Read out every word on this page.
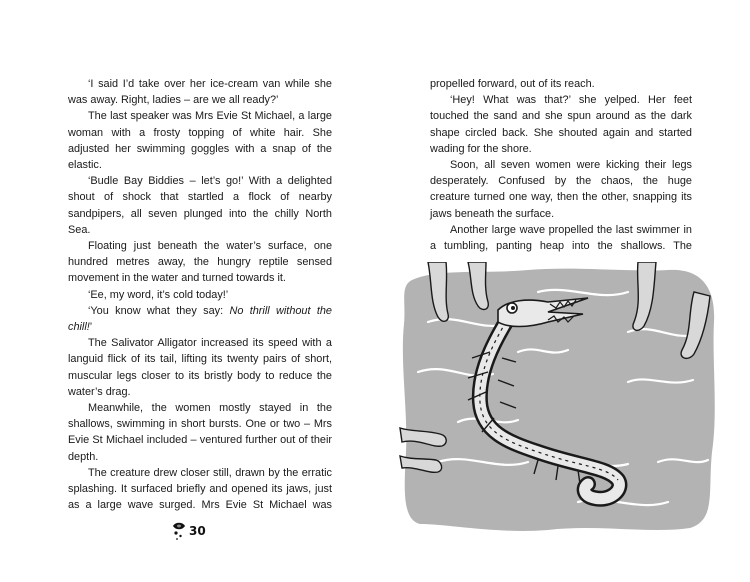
‘I said I’d take over her ice-cream van while she was away. Right, ladies – are we all ready?’

The last speaker was Mrs Evie St Michael, a large woman with a frosty topping of white hair. She adjusted her swimming goggles with a snap of the elastic.

‘Budle Bay Biddies – let’s go!’ With a delighted shout of shock that startled a flock of nearby sandpipers, all seven plunged into the chilly North Sea.

Floating just beneath the water’s surface, one hundred metres away, the hungry reptile sensed movement in the water and turned towards it.

‘Ee, my word, it’s cold today!’

‘You know what they say: No thrill without the chill!’

The Salivator Alligator increased its speed with a languid flick of its tail, lifting its twenty pairs of short, muscular legs closer to its bristly body to reduce the water’s drag.

Meanwhile, the women mostly stayed in the shallows, swimming in short bursts. One or two – Mrs Evie St Michael included – ventured further out of their depth.

The creature drew closer still, drawn by the erratic splashing. It surfaced briefly and opened its jaws, just as a large wave surged. Mrs Evie St Michael was

30

propelled forward, out of its reach.

‘Hey! What was that?’ she yelped. Her feet touched the sand and she spun around as the dark shape circled back. She shouted again and started wading for the shore.

Soon, all seven women were kicking their legs desperately. Confused by the chaos, the huge creature turned one way, then the other, snapping its jaws beneath the surface.

Another large wave propelled the last swimmer in a tumbling, panting heap into the shallows. The
